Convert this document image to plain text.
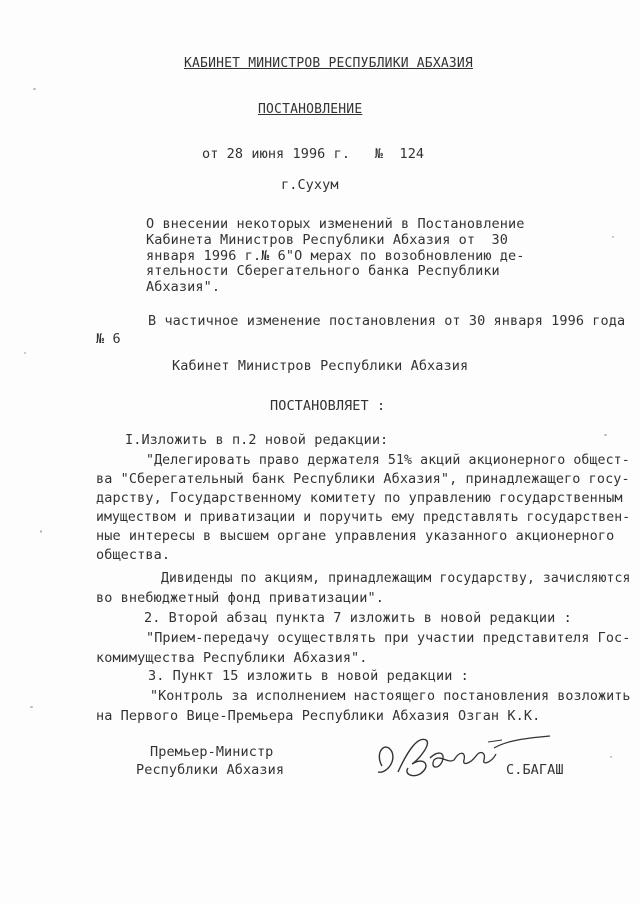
КАБИНЕТ МИНИСТРОВ РЕСПУБЛИКИ АБХАЗИЯ
ПОСТАНОВЛЕНИЕ
от 28 июня 1996 г.   №  124
г.Сухум
О внесении некоторых изменений в Постановление
Кабинета Министров Республики Абхазия от  30
января 1996 г.№ 6"О мерах по возобновлению де-
ятельности Сберегательного банка Республики
Абхазия".
В частичное изменение постановления от 30 января 1996 года
№ 6
Кабинет Министров Республики Абхазия
ПОСТАНОВЛЯЕТ :
I.Изложить в п.2 новой редакции:
"Делегировать право держателя 51% акций акционерного общест-
ва "Сберегательный банк Республики Абхазия", принадлежащего госу-
дарству, Государственному комитету по управлению государственным
имуществом и приватизации и поручить ему представлять государствен-
ные интересы в высшем органе управления указанного акционерного
общества.
Дивиденды по акциям, принадлежащим государству, зачисляются
во внебюджетный фонд приватизации".
2. Второй абзац пункта 7 изложить в новой редакции :
"Прием-передачу осуществлять при участии представителя Гос-
комимущества Республики Абхазия".
3. Пункт 15 изложить в новой редакции :
"Контроль за исполнением настоящего постановления возложить
на Первого Вице-Премьера Республики Абхазия Озган К.К.
Премьер-Министр
Республики Абхазия	С.БАГАШ
